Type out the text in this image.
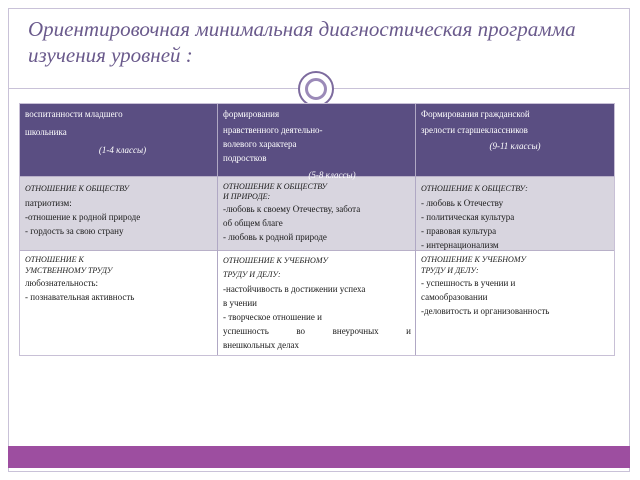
Ориентировочная минимальная диагностическая программа изучения уровней :
воспитанности младшего
школьника
(1-4 классы)
формирования
нравственного деятельно-
волевого характера
подростков
(5-8 классы)
Формирования гражданской
зрелости старшеклассников
(9-11 классы)
ОТНОШЕНИЕ К ОБЩЕСТВУ
патриотизм:
-отношение к родной природе
- гордость за свою страну
ОТНОШЕНИЕ К ОБЩЕСТВУ
И ПРИРОДЕ:
-любовь к своему Отечеству, забота
об общем благе
- любовь к родной природе
ОТНОШЕНИЕ К ОБЩЕСТВУ:
- любовь к Отечеству
- политическая культура
- правовая культура
- интернационализм
ОТНОШЕНИЕ К
УМСТВЕННОМУ ТРУДУ
любознательность:
- познавательная активность
ОТНОШЕНИЕ К УЧЕБНОМУ
ТРУДУ И ДЕЛУ:
-настойчивость в достижении успеха
в учении
- творческое отношение и
успешность во внеурочных и
внешкольных делах
ОТНОШЕНИЕ К УЧЕБНОМУ
ТРУДУ И ДЕЛУ:
- успешность в учении и
самообразовании
-деловитость и организованность
